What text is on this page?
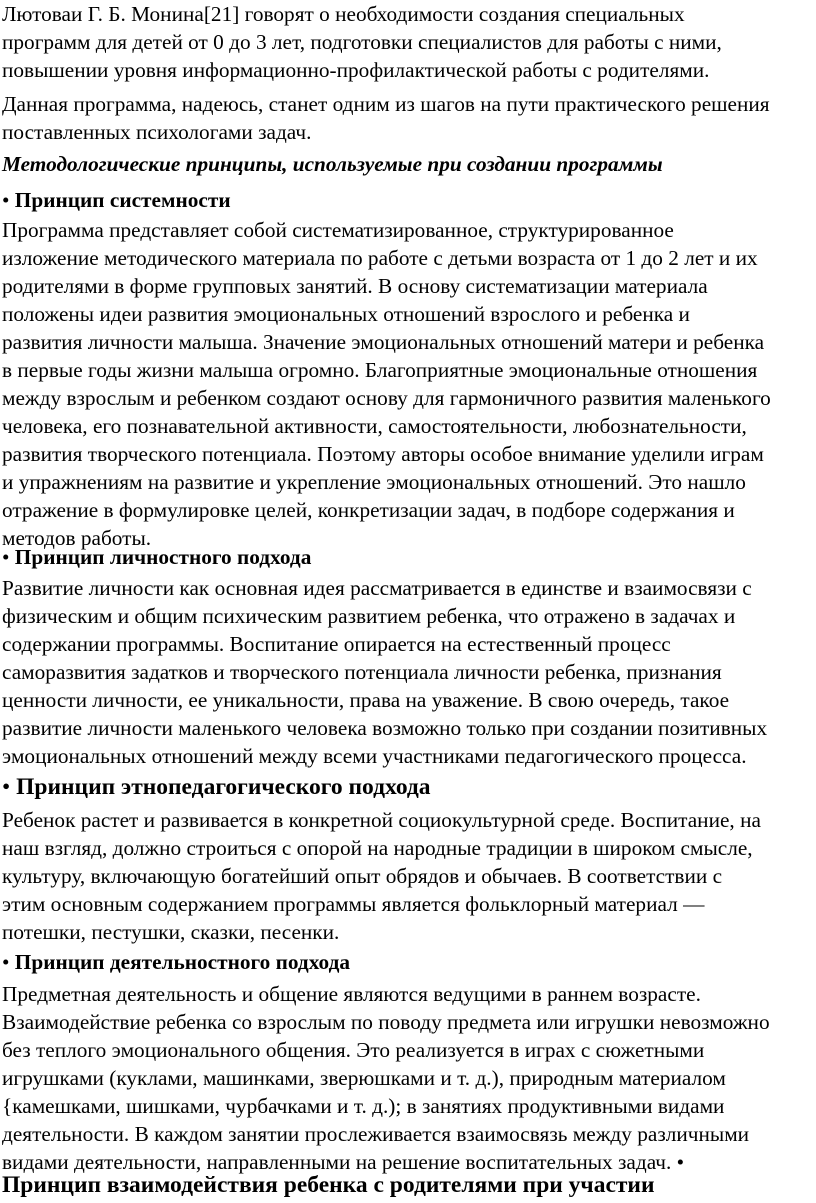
Лютоваи Г. Б. Монина[21] говорят о необходимости создания специальных
программ для детей от 0 до 3 лет, подготовки специалистов для работы с ними,
повышении уровня информационно-профилактической работы с родителями.
Данная программа, надеюсь, станет одним из шагов на пути практического решения
поставленных психологами задач.
Методологические принципы, используемые при создании программы
• Принцип системности
Программа представляет собой систематизированное, структурированное
изложение методического материала по работе с детьми возраста от 1 до 2 лет и их
родителями в форме групповых занятий. В основу систематизации материала
положены идеи развития эмоциональных отношений взрослого и ребенка и
развития личности малыша. Значение эмоциональных отношений матери и ребенка
в первые годы жизни малыша огромно. Благоприятные эмоциональные отношения
между взрослым и ребенком создают основу для гармоничного развития маленького
человека, его познавательной активности, самостоятельности, любознательности,
развития творческого потенциала. Поэтому авторы особое внимание уделили играм
и упражнениям на развитие и укрепление эмоциональных отношений. Это нашло
отражение в формулировке целей, конкретизации задач, в подборе содержания и
методов работы.
• Принцип личностного подхода
Развитие личности как основная идея рассматривается в единстве и взаимосвязи с
физическим и общим психическим развитием ребенка, что отражено в задачах и
содержании программы. Воспитание опирается на естественный процесс
саморазвития задатков и творческого потенциала личности ребенка, признания
ценности личности, ее уникальности, права на уважение. В свою очередь, такое
развитие личности маленького человека возможно только при создании позитивных
эмоциональных отношений между всеми участниками педагогического процесса.
• Принцип этнопедагогического подхода
Ребенок растет и развивается в конкретной социокультурной среде. Воспитание, на
наш взгляд, должно строиться с опорой на народные традиции в широком смысле,
культуру, включающую богатейший опыт обрядов и обычаев. В соответствии с
этим основным содержанием программы является фольклорный материал —
потешки, пестушки, сказки, песенки.
• Принцип деятельностного подхода
Предметная деятельность и общение являются ведущими в раннем возрасте.
Взаимодействие ребенка со взрослым по поводу предмета или игрушки невозможно
без теплого эмоционального общения. Это реализуется в играх с сюжетными
игрушками (куклами, машинками, зверюшками и т. д.), природным материалом
{камешками, шишками, чурбачками и т. д.); в занятиях продуктивными видами
деятельности. В каждом занятии прослеживается взаимосвязь между различными
видами деятельности, направленными на решение воспитательных задач. •
Принцип взаимодействия ребенка с родителями при участии
